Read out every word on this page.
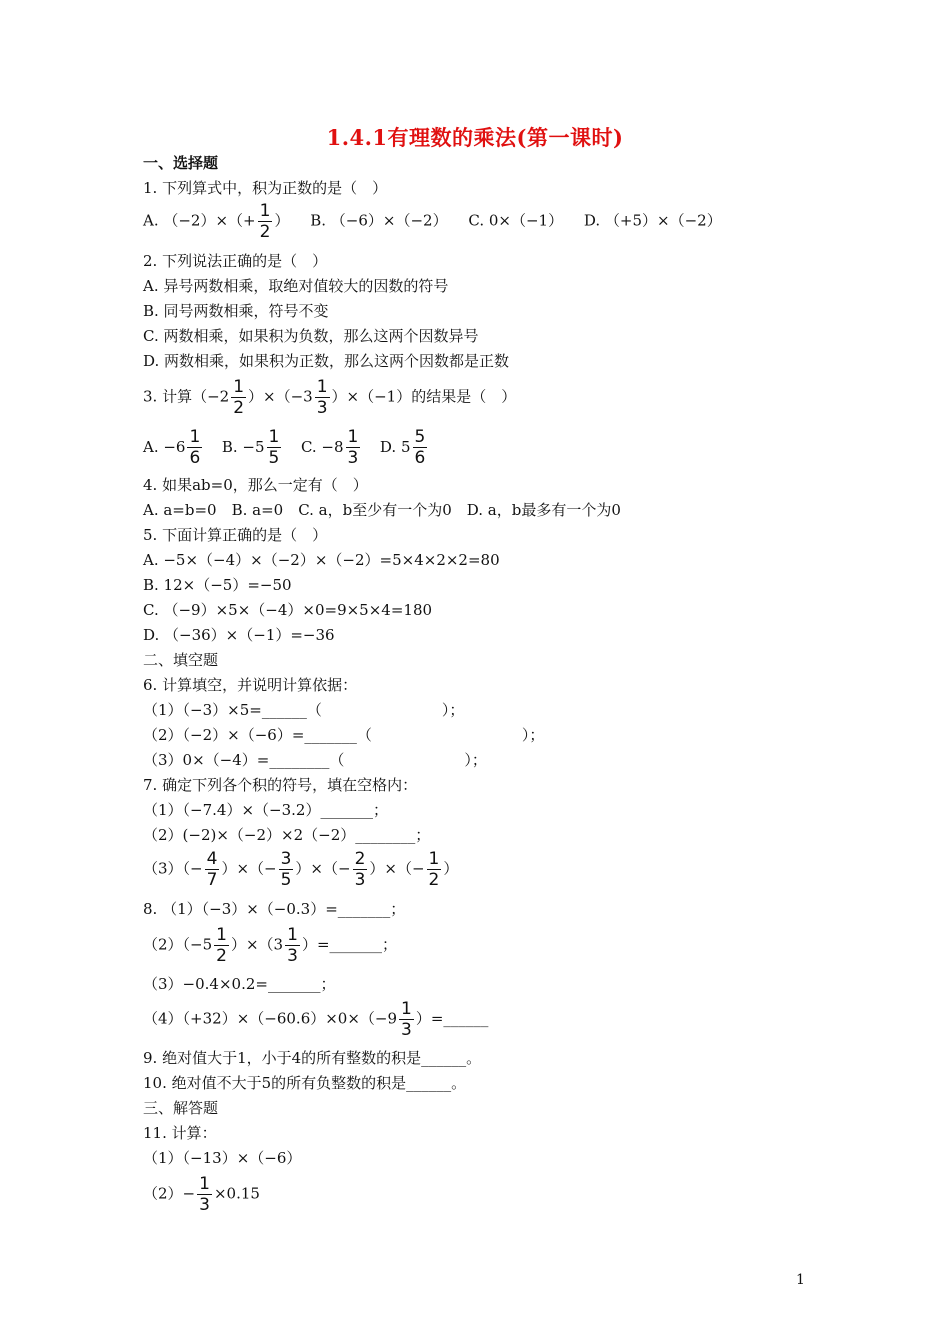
1.4.1有理数的乘法(第一课时)
一、选择题
1. 下列算式中，积为正数的是（　）
A. $(-2)\times(+ \frac{1}{2}$ ） B. （−6）×（−2） C. 0×（−1） D. （+5）×（−2）
2. 下列说法正确的是（　）
A. 异号两数相乘，取绝对值较大的因数的符号
B. 同号两数相乘，符号不变
C. 两数相乘，如果积为负数，那么这两个因数异号
D. 两数相乘，如果积为正数，那么这两个因数都是正数
3. 计算$(-2 \frac{1}{2} )\times(-3 \frac{1}{3} )\times(-1)$的结果是（　）
A. $-6 \frac{1}{6} B$. $-5 \frac{1}{5} C$. $-8 \frac{1}{3} D$. $5 \frac{5}{6}$
4. 如果ab=0，那么一定有（　）
A. a=b=0　B. a=0　C. a，b至少有一个为0　D. a，b最多有一个为0
5. 下面计算正确的是（　）
A. −5×（−4）×（−2）×（−2）=5×4×2×2=80
B. 12×（−5）=−50
C. （−9）×5×（−4）×0=9×5×4=180
D. （−36）×（−1）=−36
二、填空题
6. 计算填空，并说明计算依据：
（1）（−3）×5=______（　　　　　　　　）；
（2）（−2）×（−6）=_______（　　　　　　　　　　）；
（3）0×（−4）=________（　　　　　　　　）；
7. 确定下列各个积的符号，填在空格内：
（1）（−7.4）×（−3.2）_______；
（2）(−2)×（−2）×2（−2）________；
$(3)(- \frac{4}{7}$ ）×（− $\frac{3}{5}$ ）×（− $\frac{2}{3}$ ）×（− $\frac{1}{2}$ ）
8. （1）（−3）×（−0.3）=_______；
$(2)(-5 \frac{1}{2} )\times(3 \frac{1}{3}$ ）=_______；
（3）−0.4×0.2=_______；
$(4)(+32)\times(-60.6)\times 0\times(-9 \frac{1}{3}$ ）=______
9. 绝对值大于1，小于4的所有整数的积是______。
10. 绝对值不大于5的所有负整数的积是______。
三、解答题
11. 计算：
（1）（−13）×（−6）
$(2)- \frac{1}{3} \times 0.15$
1
